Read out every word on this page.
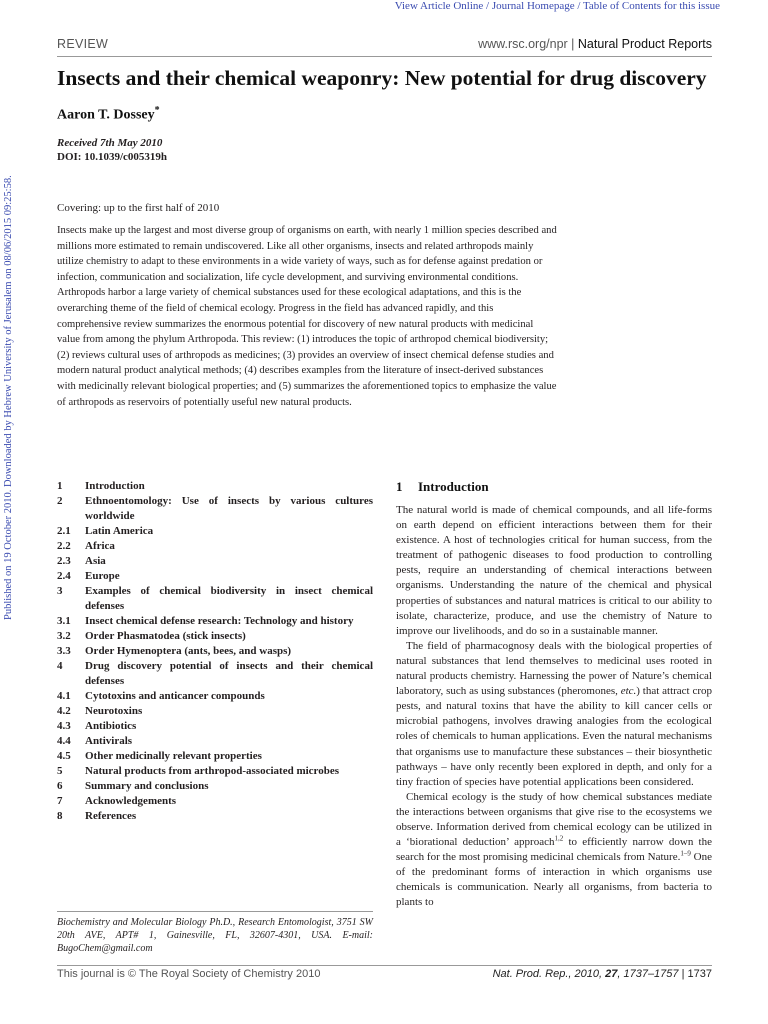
View Article Online / Journal Homepage / Table of Contents for this issue
Published on 19 October 2010. Downloaded by Hebrew University of Jerusalem on 08/06/2015 09:25:58.
REVIEW	www.rsc.org/npr | Natural Product Reports
Insects and their chemical weaponry: New potential for drug discovery
Aaron T. Dossey*
Received 7th May 2010
DOI: 10.1039/c005319h
Covering: up to the first half of 2010

Insects make up the largest and most diverse group of organisms on earth, with nearly 1 million species described and millions more estimated to remain undiscovered. Like all other organisms, insects and related arthropods mainly utilize chemistry to adapt to these environments in a wide variety of ways, such as for defense against predation or infection, communication and socialization, life cycle development, and surviving environmental conditions. Arthropods harbor a large variety of chemical substances used for these ecological adaptations, and this is the overarching theme of the field of chemical ecology. Progress in the field has advanced rapidly, and this comprehensive review summarizes the enormous potential for discovery of new natural products with medicinal value from among the phylum Arthropoda. This review: (1) introduces the topic of arthropod chemical biodiversity; (2) reviews cultural uses of arthropods as medicines; (3) provides an overview of insect chemical defense studies and modern natural product analytical methods; (4) describes examples from the literature of insect-derived substances with medicinally relevant biological properties; and (5) summarizes the aforementioned topics to emphasize the value of arthropods as reservoirs of potentially useful new natural products.

1	Introduction
2	Ethnoentomology: Use of insects by various cultures worldwide
2.1	Latin America
2.2	Africa
2.3	Asia
2.4	Europe
3	Examples of chemical biodiversity in insect chemical defenses
3.1	Insect chemical defense research: Technology and history
3.2	Order Phasmatodea (stick insects)
3.3	Order Hymenoptera (ants, bees, and wasps)
4	Drug discovery potential of insects and their chemical defenses
4.1	Cytotoxins and anticancer compounds
4.2	Neurotoxins
4.3	Antibiotics
4.4	Antivirals
4.5	Other medicinally relevant properties
5	Natural products from arthropod-associated microbes
6	Summary and conclusions
7	Acknowledgements
8	References
Biochemistry and Molecular Biology Ph.D., Research Entomologist, 3751 SW 20th AVE, APT# 1, Gainesville, FL, 32607-4301, USA. E-mail: BugoChem@gmail.com
1 Introduction

The natural world is made of chemical compounds, and all life-forms on earth depend on efficient interactions between them for their existence. A host of technologies critical for human success, from the treatment of pathogenic diseases to food production to controlling pests, require an understanding of chemical interactions between organisms. Understanding the nature of the chemical and physical properties of substances and natural matrices is critical to our ability to isolate, characterize, produce, and use the chemistry of Nature to improve our livelihoods, and do so in a sustainable manner.

The field of pharmacognosy deals with the biological properties of natural substances that lend themselves to medicinal uses rooted in natural products chemistry. Harnessing the power of Nature’s chemical laboratory, such as using substances (pheromones, etc.) that attract crop pests, and natural toxins that have the ability to kill cancer cells or microbial pathogens, involves drawing analogies from the ecological roles of chemicals to human applications. Even the natural mechanisms that organisms use to manufacture these substances – their biosynthetic pathways – have only recently been explored in depth, and only for a tiny fraction of species have potential applications been considered.

Chemical ecology is the study of how chemical substances mediate the interactions between organisms that give rise to the ecosystems we observe. Information derived from chemical ecology can be utilized in a ‘biorational deduction’ approach$^{1,2}$ to efficiently narrow down the search for the most promising medicinal chemicals from Nature.$^{1-9}$ One of the predominant forms of interaction in which organisms use chemicals is communication. Nearly all organisms, from bacteria to plants to

This journal is © The Royal Society of Chemistry 2010	Nat. Prod. Rep., 2010, 27, 1737–1757 | 1737
